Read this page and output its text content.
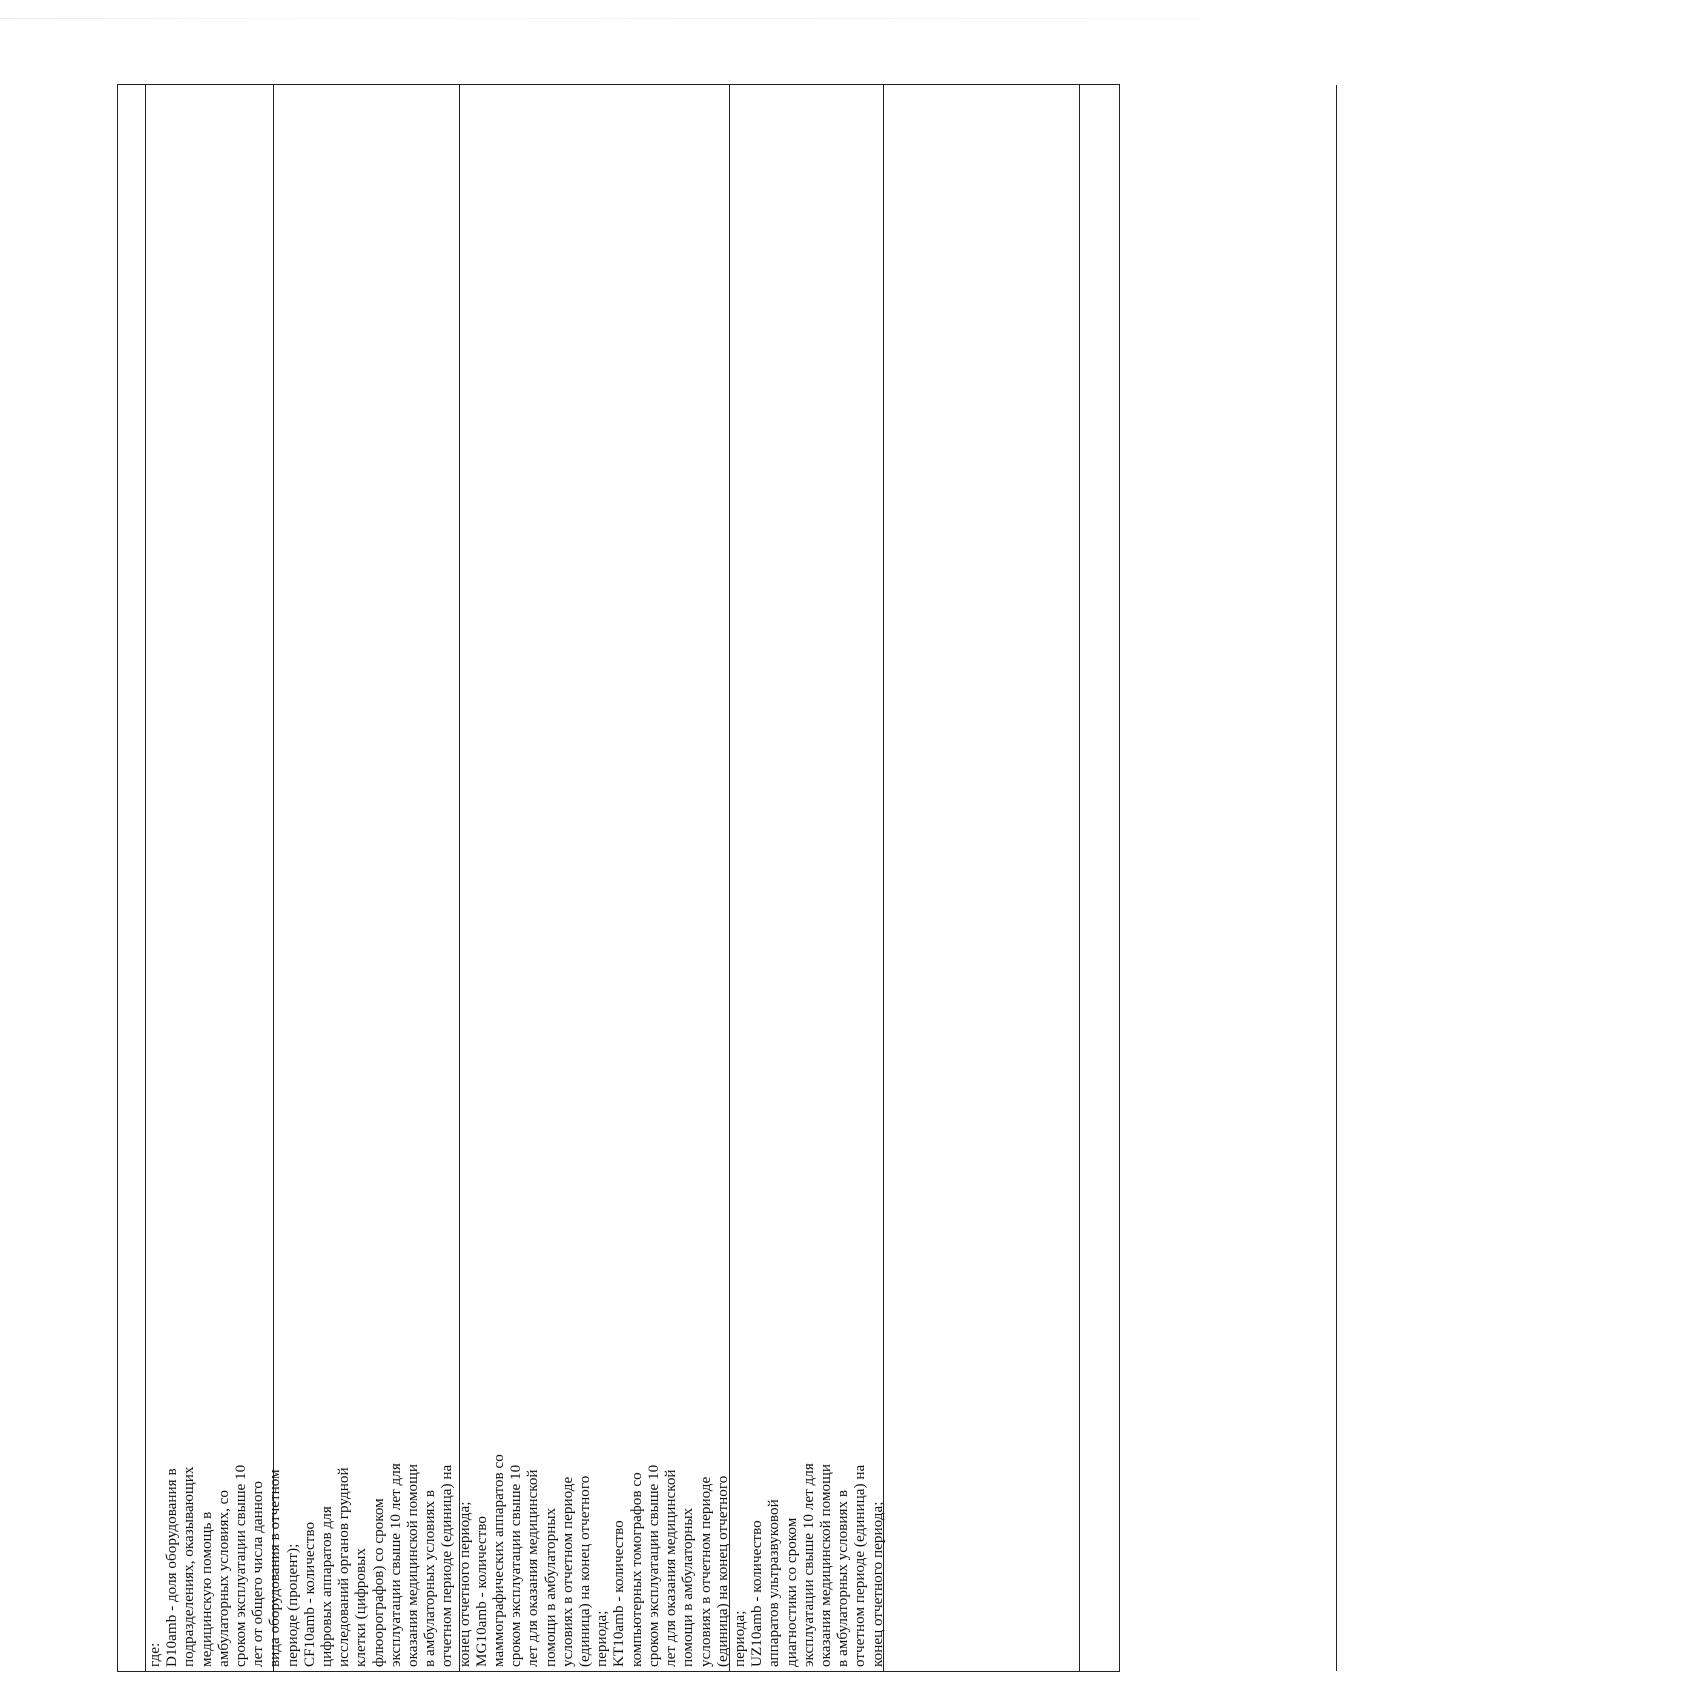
где: D10amb - доля оборудования в подразделениях, оказывающих медицинскую помощь в амбулаторных условиях, со сроком эксплуатации свыше 10 лет от общего числа данного вида оборудования в отчетном периоде (процент); CF10amb - количество цифровых аппаратов для исследований органов грудной клетки (цифровых флюорографов) со сроком эксплуатации свыше 10 лет для оказания медицинской помощи в амбулаторных условиях в отчетном периоде (единица) на конец отчетного периода; MG10amb - количество маммографических аппаратов со сроком эксплуатации свыше 10 лет для оказания медицинской помощи в амбулаторных условиях в отчетном периоде (единица) на конец отчетного периода; KT10amb - количество компьютерных томографов со сроком эксплуатации свыше 10 лет для оказания медицинской помощи в амбулаторных условиях в отчетном периоде (единица) на конец отчетного периода; UZ10amb - количество аппаратов ультразвуковой диагностики со сроком эксплуатации свыше 10 лет для оказания медицинской помощи в амбулаторных условиях в отчетном периоде (единица) на конец отчетного периода;
